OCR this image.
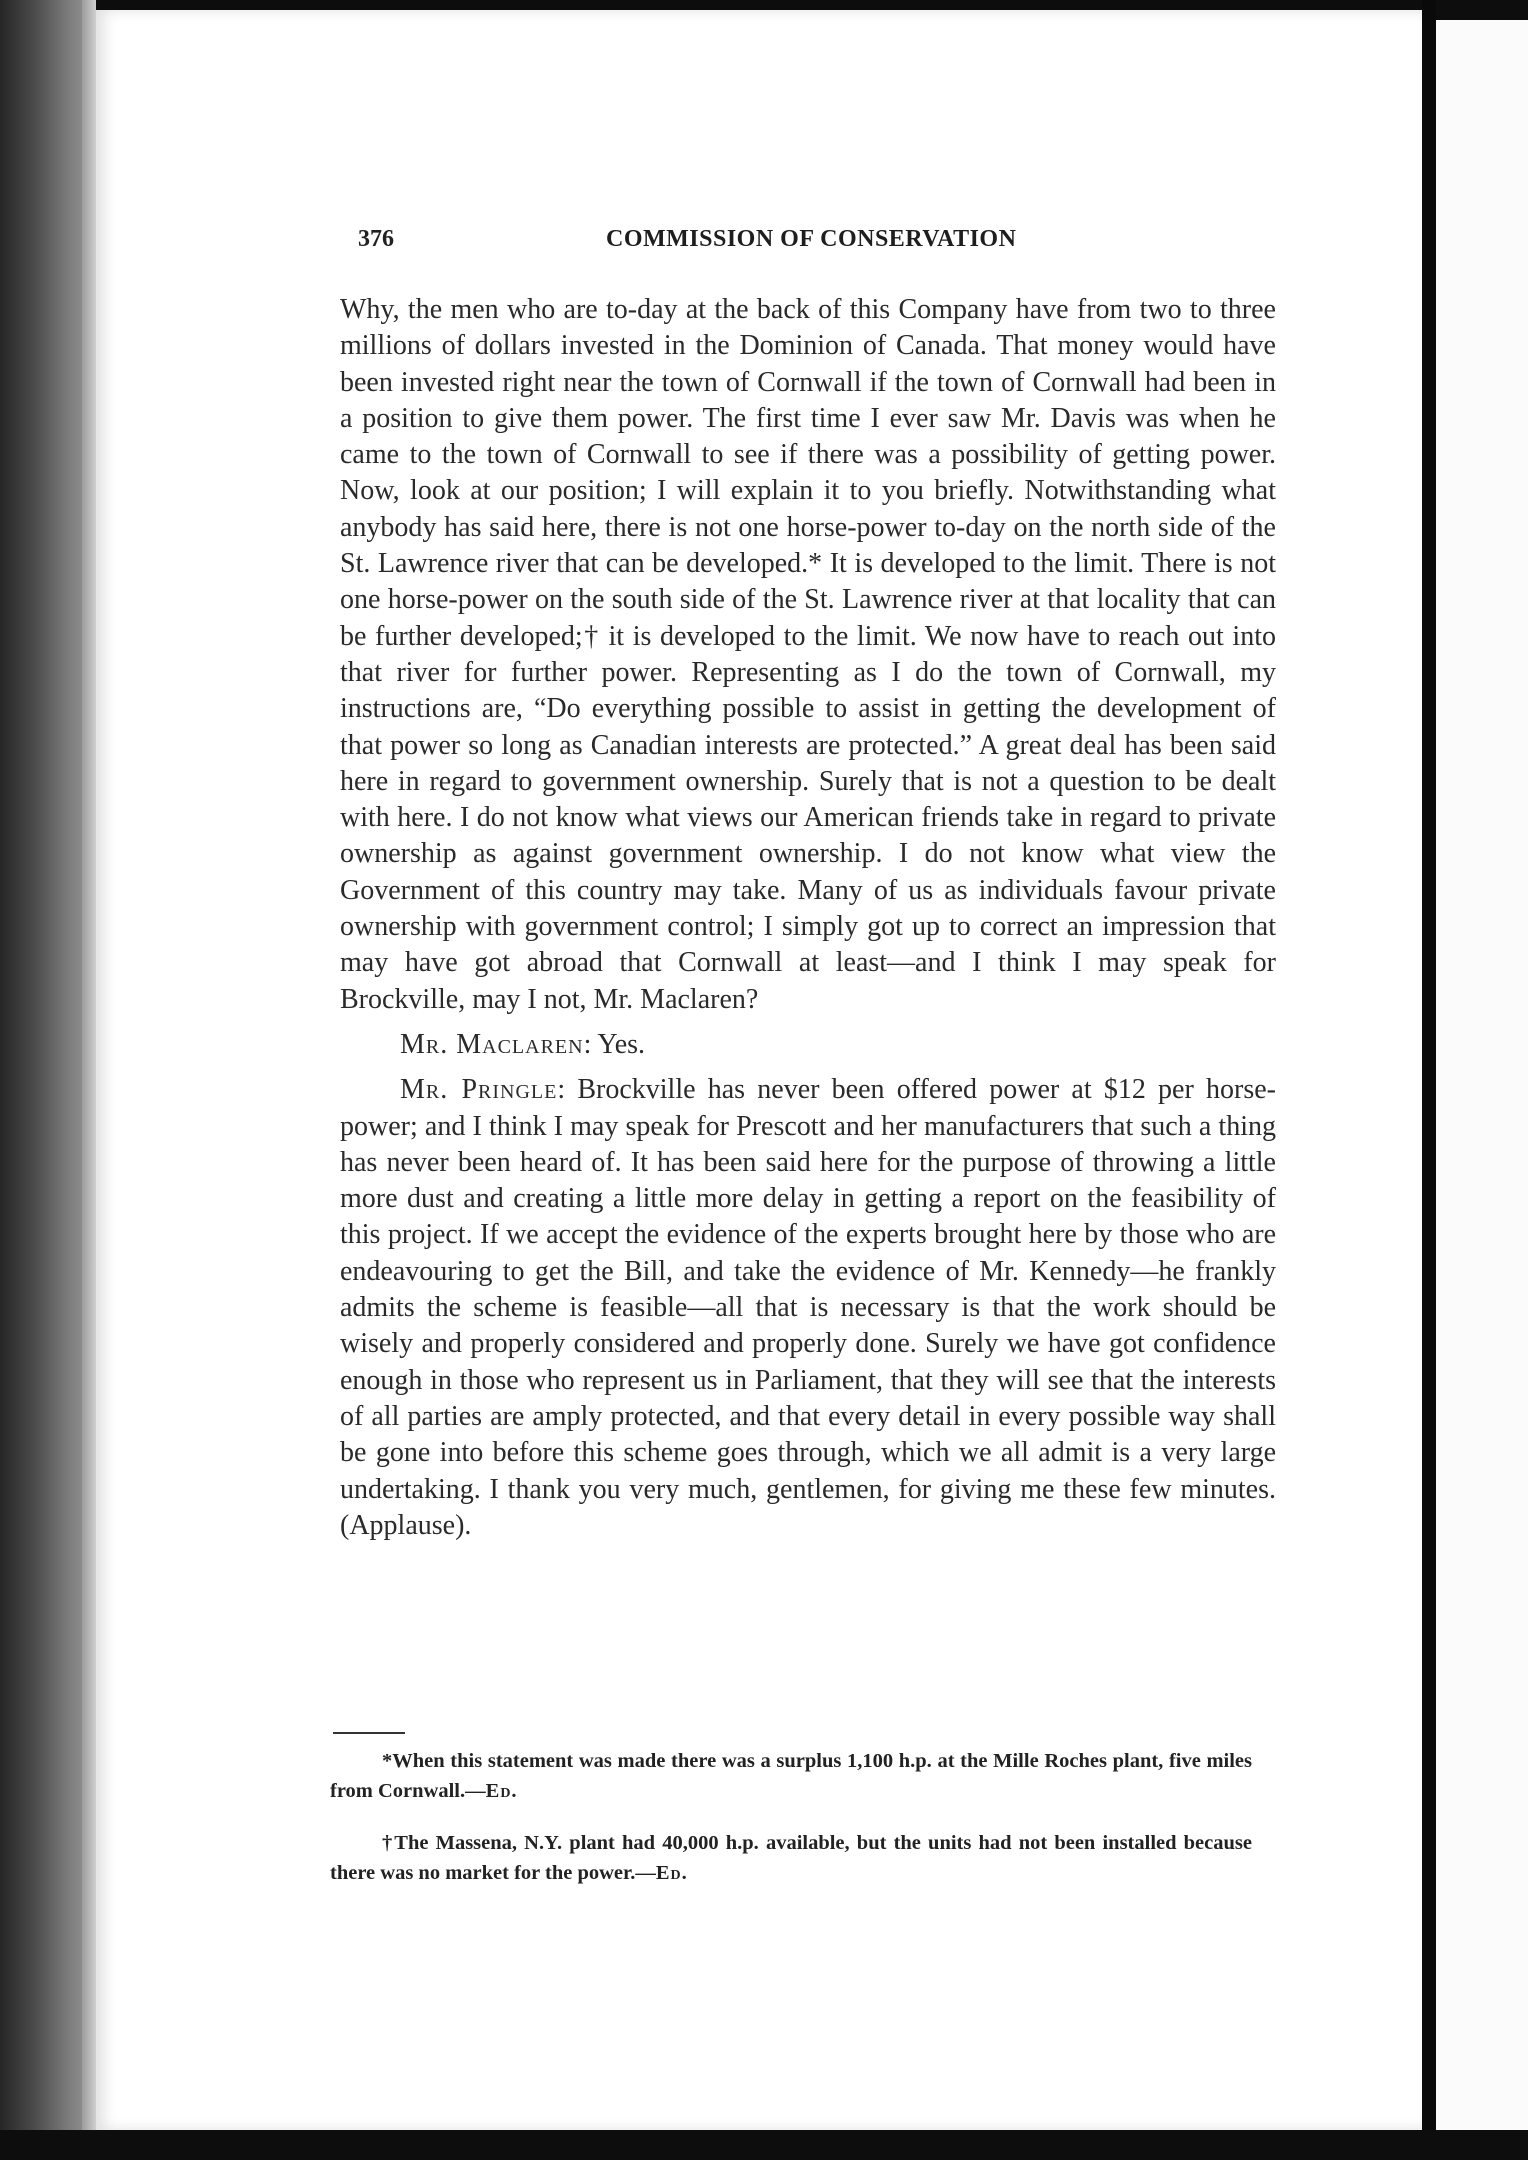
376	COMMISSION OF CONSERVATION

Why, the men who are to-day at the back of this Company have from two to three millions of dollars invested in the Dominion of Canada. That money would have been invested right near the town of Cornwall if the town of Cornwall had been in a position to give them power. The first time I ever saw Mr. Davis was when he came to the town of Cornwall to see if there was a possibility of getting power. Now, look at our position; I will explain it to you briefly. Notwithstanding what anybody has said here, there is not one horse-power to-day on the north side of the St. Lawrence river that can be developed.* It is developed to the limit. There is not one horse-power on the south side of the St. Lawrence river at that locality that can be further developed;† it is developed to the limit. We now have to reach out into that river for further power. Representing as I do the town of Cornwall, my instructions are, “Do everything possible to assist in getting the development of that power so long as Canadian interests are protected.” A great deal has been said here in regard to government ownership. Surely that is not a question to be dealt with here. I do not know what views our American friends take in regard to private ownership as against government ownership. I do not know what view the Government of this country may take. Many of us as individuals favour private ownership with government control; I simply got up to correct an impression that may have got abroad that Cornwall at least—and I think I may speak for Brockville, may I not, Mr. Maclaren?

Mr. Maclaren: Yes.

Mr. Pringle: Brockville has never been offered power at $12 per horse-power; and I think I may speak for Prescott and her manufacturers that such a thing has never been heard of. It has been said here for the purpose of throwing a little more dust and creating a little more delay in getting a report on the feasibility of this project. If we accept the evidence of the experts brought here by those who are endeavouring to get the Bill, and take the evidence of Mr. Kennedy—he frankly admits the scheme is feasible—all that is necessary is that the work should be wisely and properly considered and properly done. Surely we have got confidence enough in those who represent us in Parliament, that they will see that the interests of all parties are amply protected, and that every detail in every possible way shall be gone into before this scheme goes through, which we all admit is a very large undertaking. I thank you very much, gentlemen, for giving me these few minutes. (Applause).

*When this statement was made there was a surplus 1,100 h.p. at the Mille Roches plant, five miles from Cornwall.—Ed.

†The Massena, N.Y. plant had 40,000 h.p. available, but the units had not been installed because there was no market for the power.—Ed.
